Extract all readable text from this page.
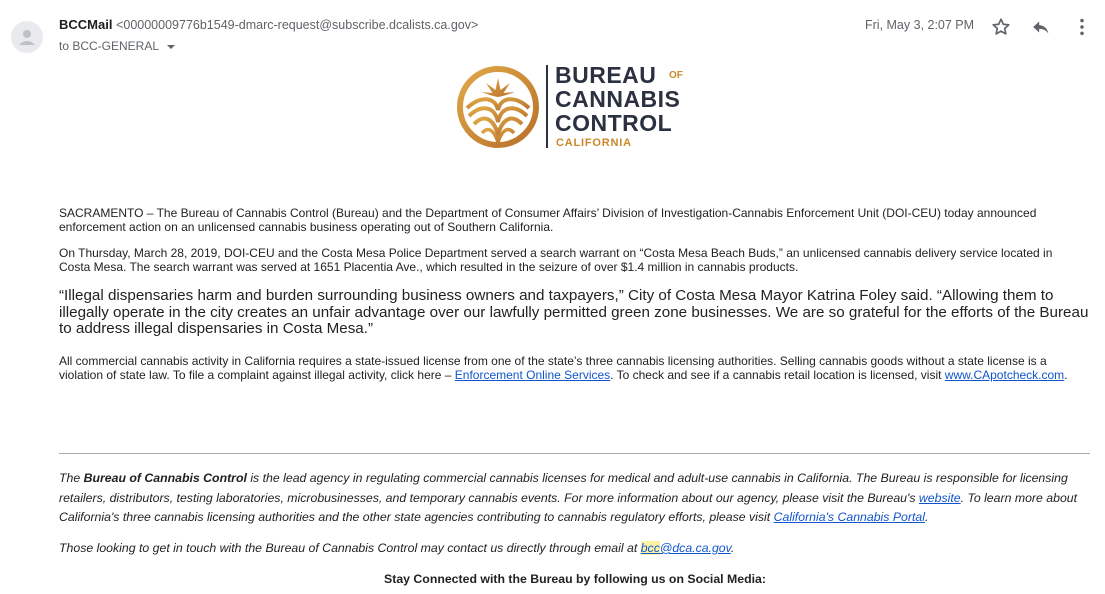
BCCMail <00000009776b1549-dmarc-request@subscribe.dcalists.ca.gov>
to BCC-GENERAL
Fri, May 3, 2:07 PM
BUREAU OF
CANNABIS
CONTROL
CALIFORNIA
SACRAMENTO – The Bureau of Cannabis Control (Bureau) and the Department of Consumer Affairs’ Division of Investigation-Cannabis Enforcement Unit (DOI-CEU) today announced enforcement action on an unlicensed cannabis business operating out of Southern California.
On Thursday, March 28, 2019, DOI-CEU and the Costa Mesa Police Department served a search warrant on “Costa Mesa Beach Buds,” an unlicensed cannabis delivery service located in Costa Mesa. The search warrant was served at 1651 Placentia Ave., which resulted in the seizure of over $1.4 million in cannabis products.
“Illegal dispensaries harm and burden surrounding business owners and taxpayers,” City of Costa Mesa Mayor Katrina Foley said. “Allowing them to illegally operate in the city creates an unfair advantage over our lawfully permitted green zone businesses. We are so grateful for the efforts of the Bureau to address illegal dispensaries in Costa Mesa.”
All commercial cannabis activity in California requires a state-issued license from one of the state’s three cannabis licensing authorities. Selling cannabis goods without a state license is a violation of state law. To file a complaint against illegal activity, click here – Enforcement Online Services. To check and see if a cannabis retail location is licensed, visit www.CApotcheck.com.
The Bureau of Cannabis Control is the lead agency in regulating commercial cannabis licenses for medical and adult-use cannabis in California. The Bureau is responsible for licensing retailers, distributors, testing laboratories, microbusinesses, and temporary cannabis events. For more information about our agency, please visit the Bureau's website. To learn more about California's three cannabis licensing authorities and the other state agencies contributing to cannabis regulatory efforts, please visit California's Cannabis Portal.
Those looking to get in touch with the Bureau of Cannabis Control may contact us directly through email at bcc@dca.ca.gov.
Stay Connected with the Bureau by following us on Social Media:
